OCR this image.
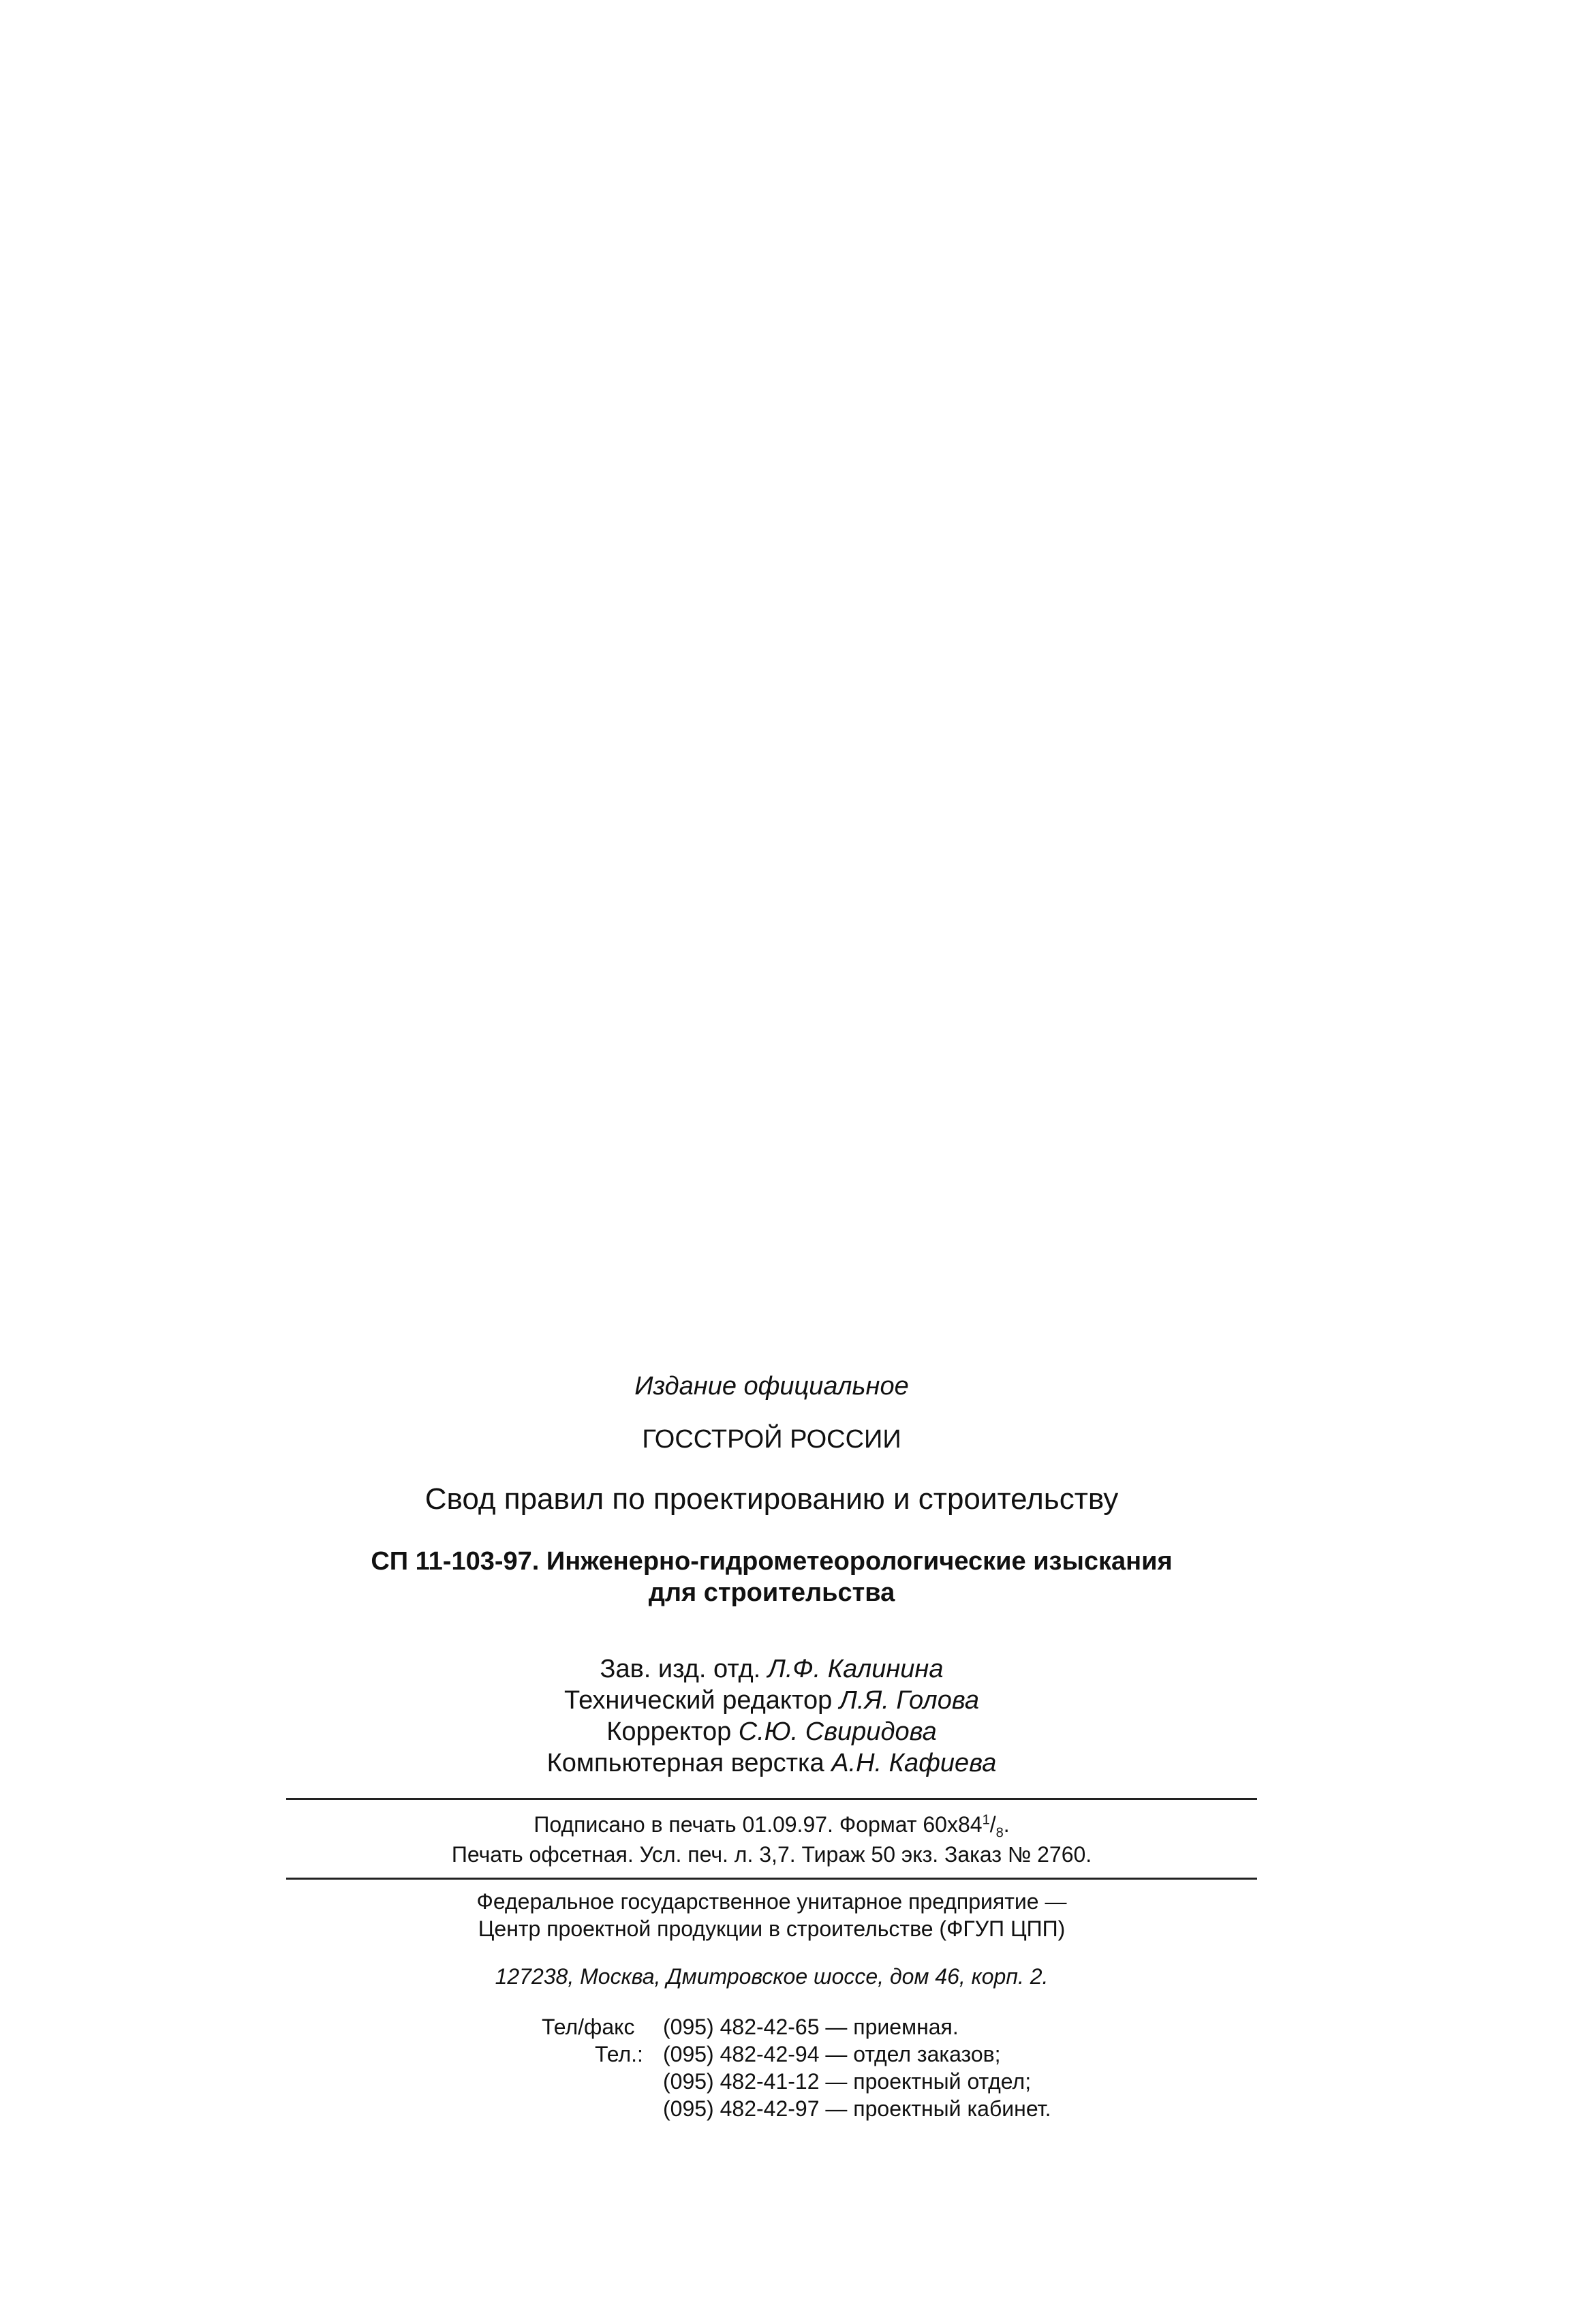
Издание официальное
ГОССТРОЙ РОССИИ
Свод правил по проектированию и строительству
СП 11-103-97. Инженерно-гидрометеорологические изыскания
для строительства
Зав. изд. отд. Л.Ф. Калинина
Технический редактор Л.Я. Голова
Корректор С.Ю. Свиридова
Компьютерная верстка А.Н. Кафиева
Подписано в печать 01.09.97. Формат $60х84^1/_8$.
Печать офсетная. Усл. печ. л. 3,7. Тираж 50 экз. Заказ № 2760.
Федеральное государственное унитарное предприятие —
Центр проектной продукции в строительстве (ФГУП ЦПП)
127238, Москва, Дмитровское шоссе, дом 46, корп. 2.
Тел/факс (095) 482-42-65 — приемная.
Тел.: (095) 482-42-94 — отдел заказов;
(095) 482-41-12 — проектный отдел;
(095) 482-42-97 — проектный кабинет.
